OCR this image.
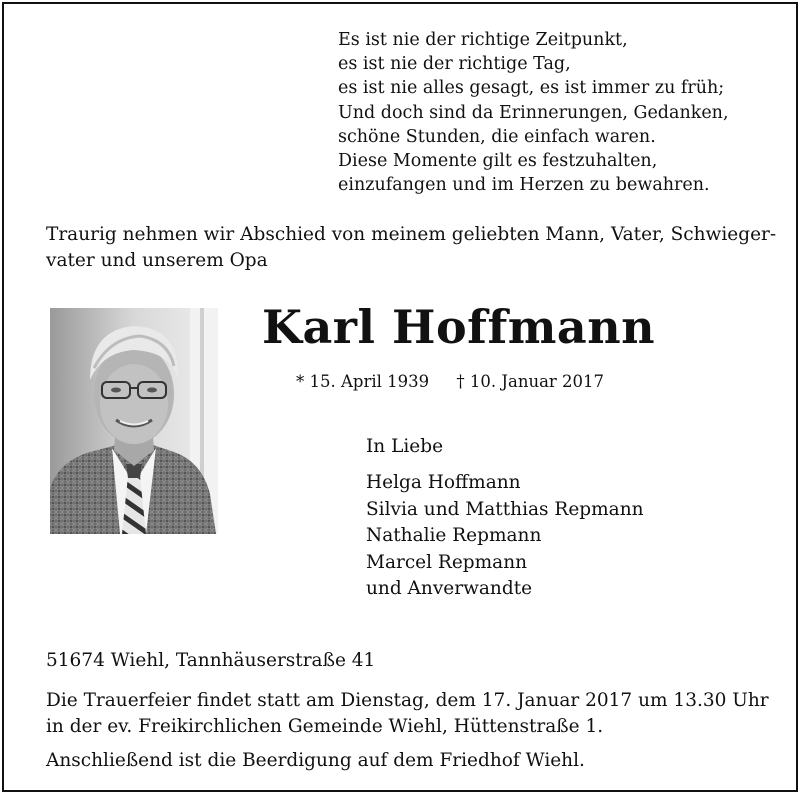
Es ist nie der richtige Zeitpunkt,
es ist nie der richtige Tag,
es ist nie alles gesagt, es ist immer zu früh;
Und doch sind da Erinnerungen, Gedanken,
schöne Stunden, die einfach waren.
Diese Momente gilt es festzuhalten,
einzufangen und im Herzen zu bewahren.
Traurig nehmen wir Abschied von meinem geliebten Mann, Vater, Schwieger-vater und unserem Opa
Karl Hoffmann
* 15. April 1939 † 10. Januar 2017
In Liebe
Helga Hoffmann
Silvia und Matthias Repmann
Nathalie Repmann
Marcel Repmann
und Anverwandte
51674 Wiehl, Tannhäuserstraße 41
Die Trauerfeier findet statt am Dienstag, dem 17. Januar 2017 um 13.30 Uhr
in der ev. Freikirchlichen Gemeinde Wiehl, Hüttenstraße 1.
Anschließend ist die Beerdigung auf dem Friedhof Wiehl.
